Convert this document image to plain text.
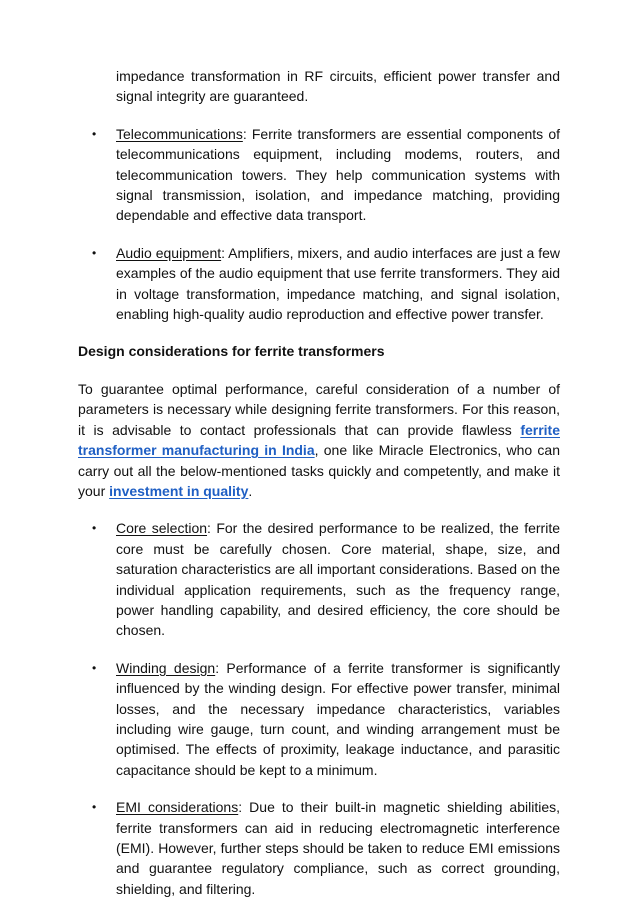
impedance transformation in RF circuits, efficient power transfer and signal integrity are guaranteed.

• Telecommunications: Ferrite transformers are essential components of telecommunications equipment, including modems, routers, and telecommunication towers. They help communication systems with signal transmission, isolation, and impedance matching, providing dependable and effective data transport.

• Audio equipment: Amplifiers, mixers, and audio interfaces are just a few examples of the audio equipment that use ferrite transformers. They aid in voltage transformation, impedance matching, and signal isolation, enabling high-quality audio reproduction and effective power transfer.

Design considerations for ferrite transformers

To guarantee optimal performance, careful consideration of a number of parameters is necessary while designing ferrite transformers. For this reason, it is advisable to contact professionals that can provide flawless ferrite transformer manufacturing in India, one like Miracle Electronics, who can carry out all the below-mentioned tasks quickly and competently, and make it your investment in quality.

• Core selection: For the desired performance to be realized, the ferrite core must be carefully chosen. Core material, shape, size, and saturation characteristics are all important considerations. Based on the individual application requirements, such as the frequency range, power handling capability, and desired efficiency, the core should be chosen.

• Winding design: Performance of a ferrite transformer is significantly influenced by the winding design. For effective power transfer, minimal losses, and the necessary impedance characteristics, variables including wire gauge, turn count, and winding arrangement must be optimised. The effects of proximity, leakage inductance, and parasitic capacitance should be kept to a minimum.

• EMI considerations: Due to their built-in magnetic shielding abilities, ferrite transformers can aid in reducing electromagnetic interference (EMI). However, further steps should be taken to reduce EMI emissions and guarantee regulatory compliance, such as correct grounding, shielding, and filtering.
